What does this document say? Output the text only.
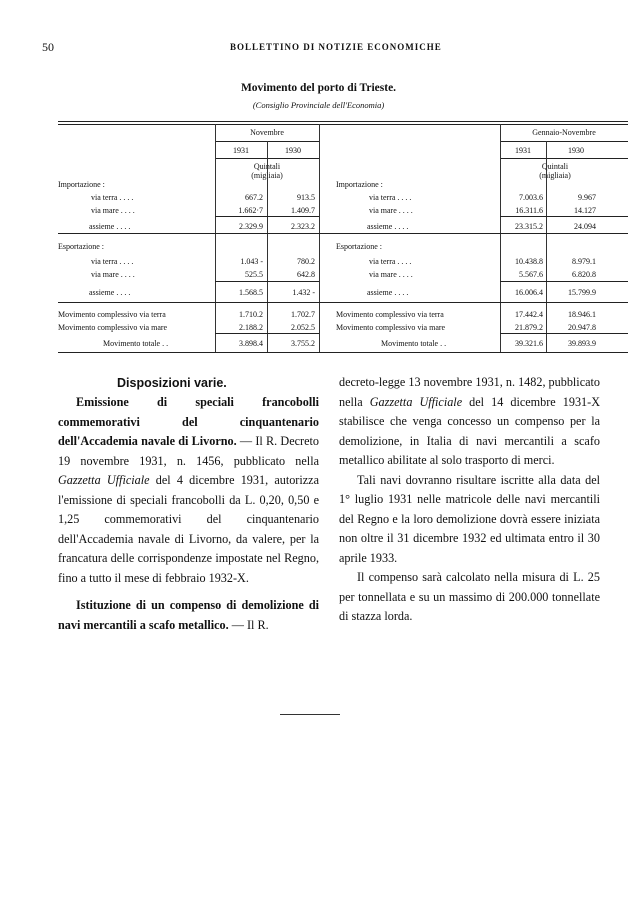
50	BOLLETTINO DI NOTIZIE ECONOMICHE
Movimento del porto di Trieste.
(Consiglio Provinciale dell'Economia)
Novembre
1931	1930
Quintali
(migliaia)
Gennaio-Novembre
1931	1930
Quintali
(migliaia)
Importazione :
via terra . . . .	667.2	913.5
via mare . . . .	1.662·7	1.409.7
assieme . . . .	2.329.9	2.323.2
Esportazione :
via terra . . . .	1.043 -	780.2
via mare . . . .	525.5	642.8
assieme . . . .	1.568.5	1.432 -
Movimento complessivo via terra	1.710.2	1.702.7
Movimento complessivo via mare	2.188.2	2.052.5
Movimento totale . .	3.898.4	3.755.2
Importazione :
via terra . . . .	7.003.6	9.967
via mare . . . .	16.311.6	14.127
assieme . . . .	23.315.2	24.094
Esportazione :
via terra . . . .	10.438.8	8.979.1
via mare . . . .	5.567.6	6.820.8
assieme . . . .	16.006.4	15.799.9
Movimento complessivo via terra	17.442.4	18.946.1
Movimento complessivo via mare	21.879.2	20.947.8
Movimento totale . .	39.321.6	39.893.9
Disposizioni varie.

Emissione di speciali francobolli commemorativi del cinquantenario dell'Accademia navale di Livorno. — Il R. Decreto 19 novembre 1931, n. 1456, pubblicato nella Gazzetta Ufficiale del 4 dicembre 1931, autorizza l'emissione di speciali francobolli da L. 0,20, 0,50 e 1,25 commemorativi del cinquantenario dell'Accademia navale di Livorno, da valere, per la francatura delle corrispondenze impostate nel Regno, fino a tutto il mese di febbraio 1932-X.

Istituzione di un compenso di demolizione di navi mercantili a scafo metallico. — Il R.

decreto-legge 13 novembre 1931, n. 1482, pubblicato nella Gazzetta Ufficiale del 14 dicembre 1931-X stabilisce che venga concesso un compenso per la demolizione, in Italia di navi mercantili a scafo metallico abilitate al solo trasporto di merci.

Tali navi dovranno risultare iscritte alla data del 1° luglio 1931 nelle matricole delle navi mercantili del Regno e la loro demolizione dovrà essere iniziata non oltre il 31 dicembre 1932 ed ultimata entro il 30 aprile 1933.

Il compenso sarà calcolato nella misura di L. 25 per tonnellata e su un massimo di 200.000 tonnellate di stazza lorda.
